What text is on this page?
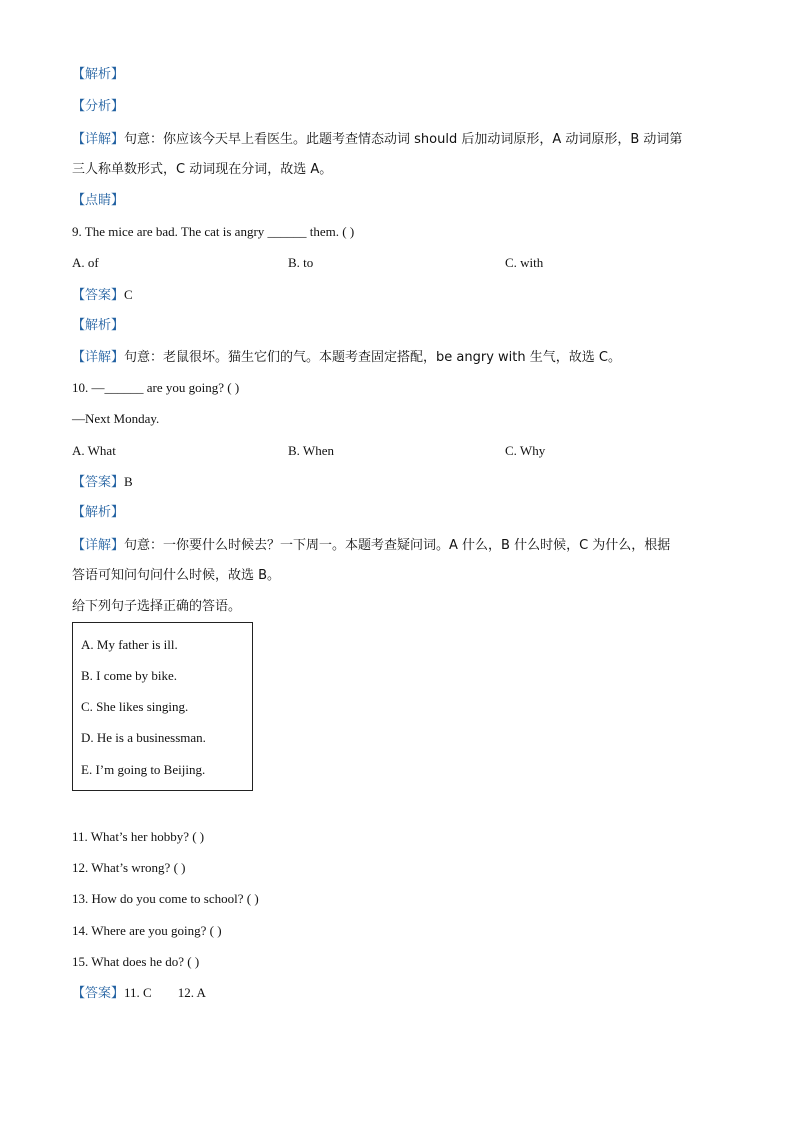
【解析】
【分析】
【详解】句意：你应该今天早上看医生。此题考查情态动词 should 后加动词原形，A 动词原形，B 动词第
三人称单数形式，C 动词现在分词，故选 A。
【点睛】
9. The mice are bad. The cat is angry ______ them. ( )
A. of	B. to	C. with
【答案】C
【解析】
【详解】句意：老鼠很坏。猫生它们的气。本题考查固定搭配，be angry with 生气，故选 C。
10. —______ are you going? ( )
—Next Monday.
A. What	B. When	C. Why
【答案】B
【解析】
【详解】句意：一你要什么时候去？一下周一。本题考查疑问词。A 什么，B 什么时候，C 为什么，根据
答语可知问句问什么时候，故选 B。
给下列句子选择正确的答语。
A. My father is ill.
B. I come by bike.
C. She likes singing.
D. He is a businessman.
E. I’m going to Beijing.
11. What’s her hobby? ( )
12. What’s wrong? ( )
13. How do you come to school? ( )
14. Where are you going? ( )
15. What does he do? ( )
【答案】11. C        12. A
